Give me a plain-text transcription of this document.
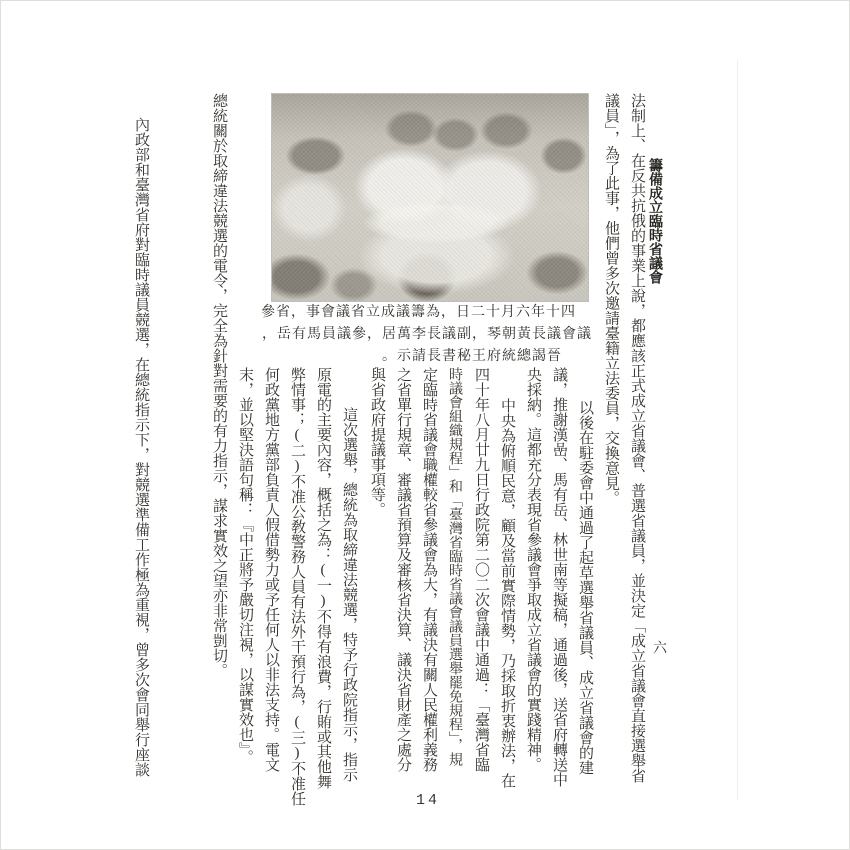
籌備成立臨時省議會
六
法制上、在反共抗俄的事業上說，都應該正式成立省議會、普選省議員，並決定「成立省議會直接選舉省
議員」，為了此事，他們曾多次邀請臺籍立法委員，交換意見。
以後在駐委會中通過了起草選舉省議員、成立省議會的建
議，推謝漢嵒、馬有岳、林世南等擬稿，通過後，送省府轉送中
央採納。這都充分表現省參議會爭取成立省議會的實踐精神。
中央為俯順民意，顧及當前實際情勢，乃採取折衷辦法，在
四十年八月廿九日行政院第二〇二次會議中通過：「臺灣省臨
時議會組織規程」和「臺灣省臨時省議會議員選舉罷免規程」，規
定臨時省議會職權較省參議會為大，有議決有關人民權利義務
之省單行規章、審議省預算及審核省決算、議決省財產之處分
與省政府提議事項等。
這次選舉，總統為取締違法競選，特予行政院指示，指示
原電的主要內容，概括之為：(一)不得有浪費，行賄或其他舞
弊情事；(二)不准公敎警務人員有法外干預行為，(三)不准任
何政黨地方黨部負責人假借勢力或予任何人以非法支持。電文
末，並以堅決語句稱：『中正將予嚴切注視，以謀實效也』。
總統關於取締違法競選的電令，完全為針對需要的有力指示，謀求實效之望亦非常剴切。
內政部和臺灣省府對臨時議員競選，在總統指示下，對競選準備工作極為重視，曾多次會同舉行座談	參省，事會議省立成議籌為，日二十月六年十四
，岳有馬員議參，居萬李長議副，琴朝黃長議會議
。示請長書秘王府統總謁晉
14
